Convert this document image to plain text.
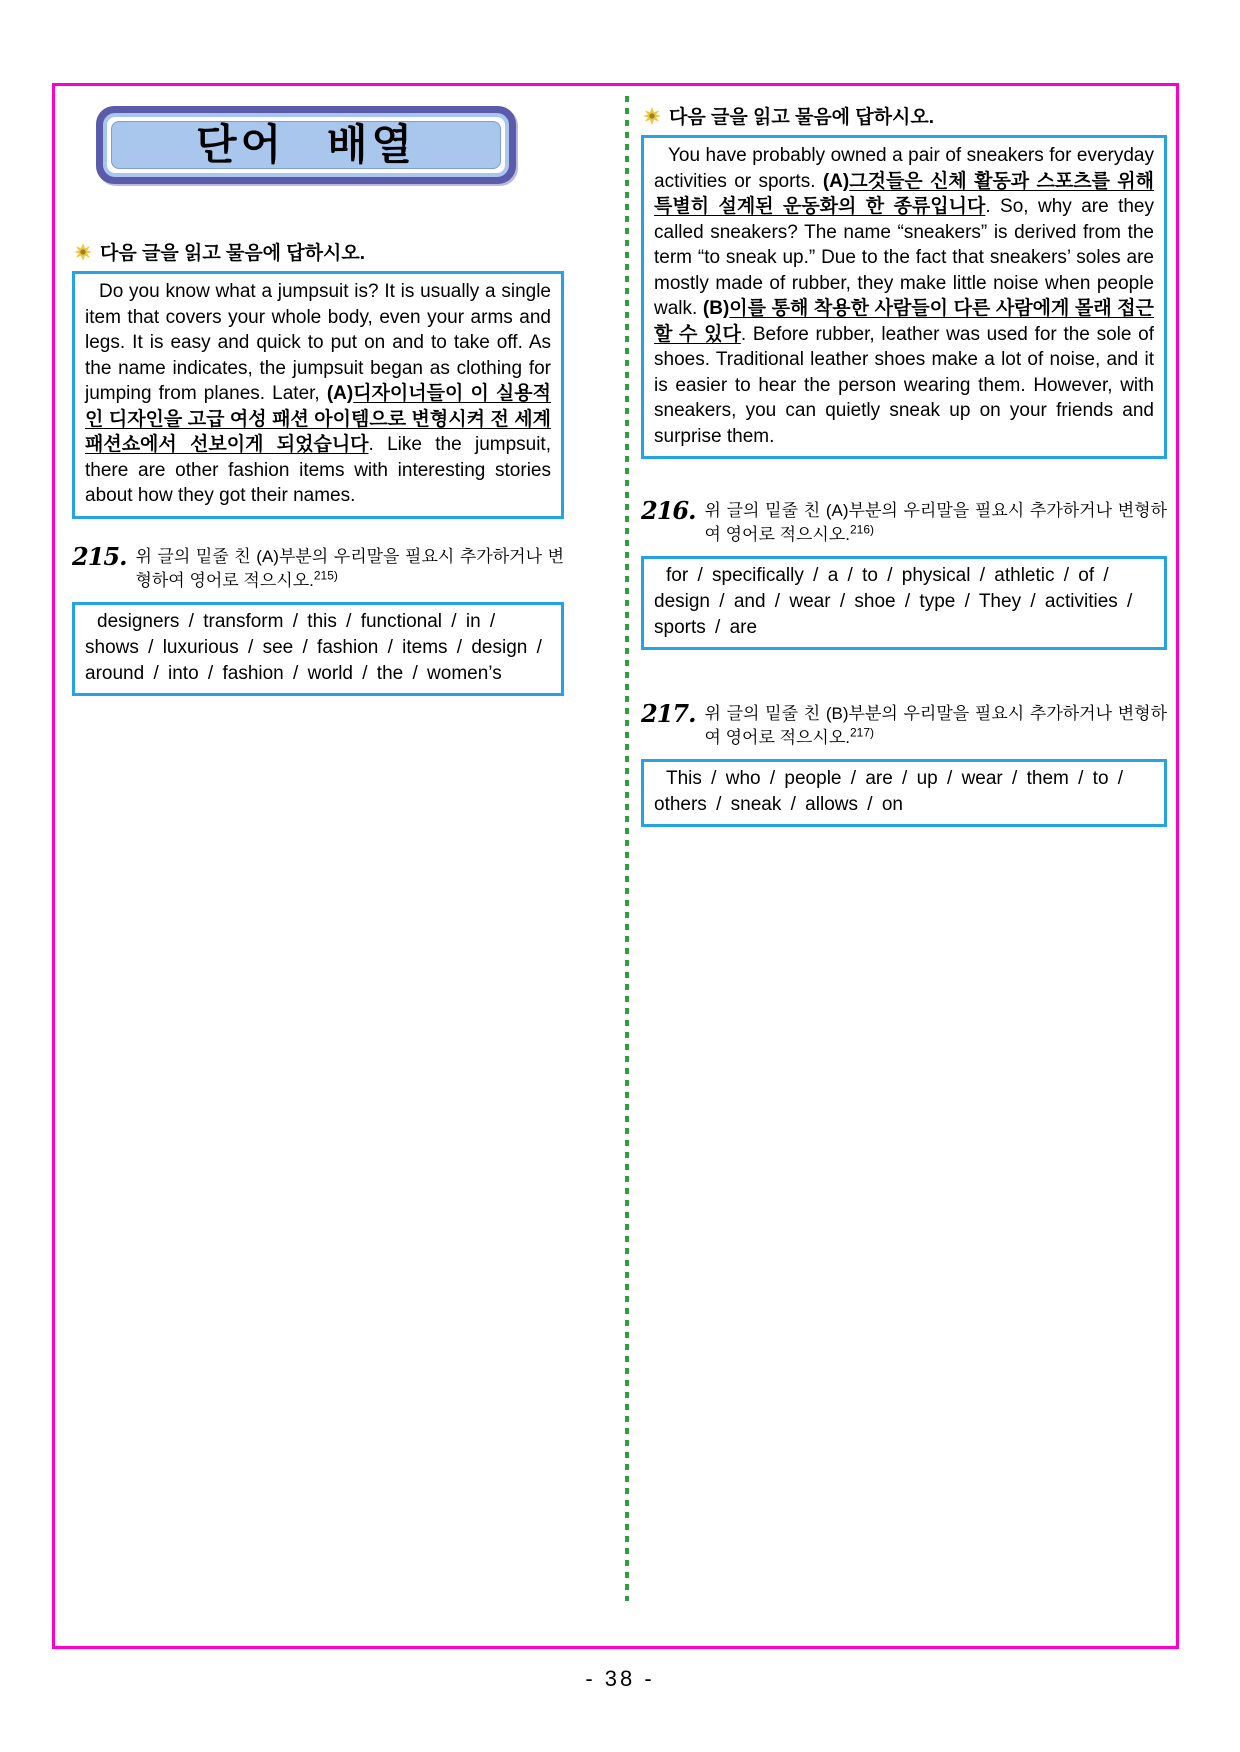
단어 배열
다음 글을 읽고 물음에 답하시오.

Do you know what a jumpsuit is? It is usually a single item that covers your whole body, even your arms and legs. It is easy and quick to put on and to take off. As the name indicates, the jumpsuit began as clothing for jumping from planes. Later, (A)디자이너들이 이 실용적인 디자인을 고급 여성 패션 아이템으로 변형시켜 전 세계 패션쇼에서 선보이게 되었습니다. Like the jumpsuit, there are other fashion items with interesting stories about how they got their names.

215. 위 글의 밑줄 친 (A)부분의 우리말을 필요시 추가하거나 변형하여 영어로 적으시오.$^{215)}$

designers / transform / this / functional / in / shows / luxurious / see / fashion / items / design / around / into / fashion / world / the / women’s

다음 글을 읽고 물음에 답하시오.

You have probably owned a pair of sneakers for everyday activities or sports. (A)그것들은 신체 활동과 스포츠를 위해 특별히 설계된 운동화의 한 종류입니다. So, why are they called sneakers? The name “sneakers” is derived from the term “to sneak up.” Due to the fact that sneakers’ soles are mostly made of rubber, they make little noise when people walk. (B)이를 통해 착용한 사람들이 다른 사람에게 몰래 접근할 수 있다. Before rubber, leather was used for the sole of shoes. Traditional leather shoes make a lot of noise, and it is easier to hear the person wearing them. However, with sneakers, you can quietly sneak up on your friends and surprise them.

216. 위 글의 밑줄 친 (A)부분의 우리말을 필요시 추가하거나 변형하여 영어로 적으시오.$^{216)}$

for / specifically / a / to / physical / athletic / of / design / and / wear / shoe / type / They / activities / sports / are

217. 위 글의 밑줄 친 (B)부분의 우리말을 필요시 추가하거나 변형하여 영어로 적으시오.$^{217)}$

This / who / people / are / up / wear / them / to / others / sneak / allows / on

- 38 -
